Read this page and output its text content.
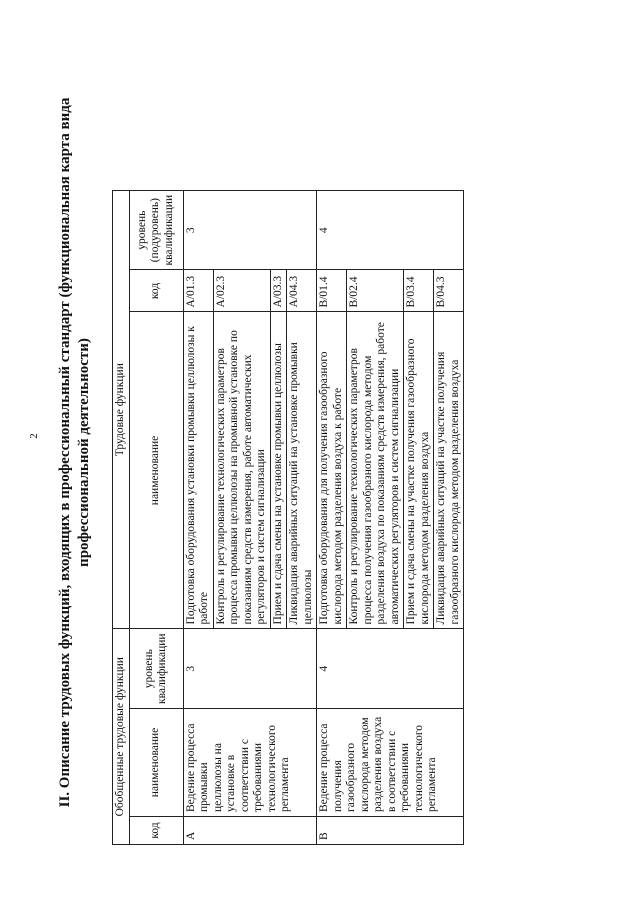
2 II. Описание трудовых функций, входящих в профессиональный стандарт (функциональная карта вида профессиональной деятельности)
Обобщенные трудовые функции			Трудовые функции		
код	наименование	уровень квалификации	наименование	код	уровень (подуровень) квалификации
A	Ведение процесса промывки целлюлозы на установке в соответствии с требованиями технологического регламента	3	Подготовка оборудования установки промывки целлюлозы к работе	A/01.3	3
			Контроль и регулирование технологических параметров процесса промывки целлюлозы на промывной установке по показаниям средств измерения, работе автоматических регуляторов и систем сигнализации	A/02.3	
			Прием и сдача смены на установке промывки целлюлозы	A/03.3	
			Ликвидация аварийных ситуаций на установке промывки целлюлозы	A/04.3	
B	Ведение процесса получения газообразного кислорода методом разделения воздуха в соответствии с требованиями технологического регламента	4	Подготовка оборудования для получения газообразного кислорода методом разделения воздуха к работе	B/01.4	4
			Контроль и регулирование технологических параметров процесса получения газообразного кислорода методом разделения воздуха по показаниям средств измерения, работе автоматических регуляторов и систем сигнализации	B/02.4	
			Прием и сдача смены на участке получения газообразного кислорода методом разделения воздуха	B/03.4	
			Ликвидация аварийных ситуаций на участке получения газообразного кислорода методом разделения воздуха	B/04.3	
